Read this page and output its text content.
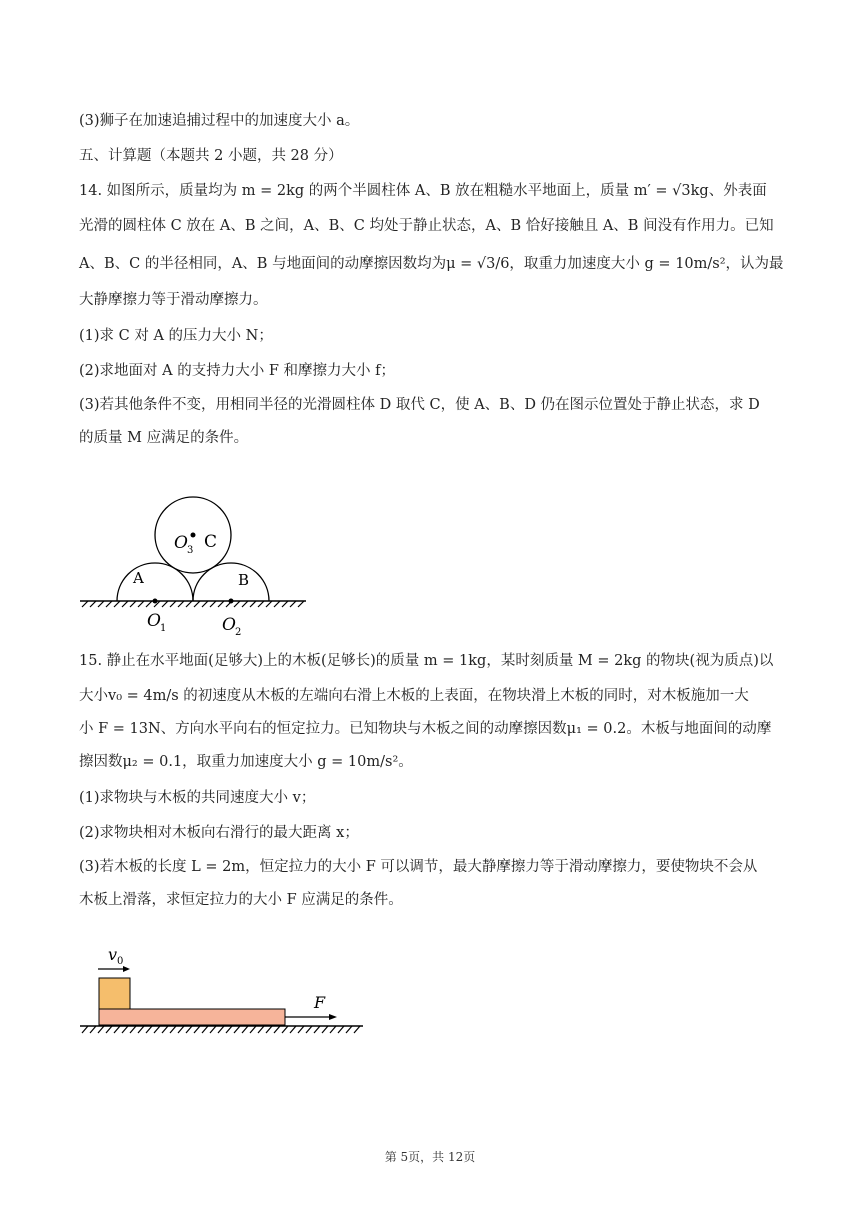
(3)狮子在加速追捕过程中的加速度大小 a。
五、计算题（本题共 2 小题，共 28 分）
14. 如图所示，质量均为 m = 2kg 的两个半圆柱体 A、B 放在粗糙水平地面上，质量 m′ = √3kg、外表面
光滑的圆柱体 C 放在 A、B 之间，A、B、C 均处于静止状态，A、B 恰好接触且 A、B 间没有作用力。已知
A、B、C 的半径相同，A、B 与地面间的动摩擦因数均为μ = √3/6，取重力加速度大小 g = 10m/s²，认为最
大静摩擦力等于滑动摩擦力。
(1)求 C 对 A 的压力大小 N；
(2)求地面对 A 的支持力大小 F 和摩擦力大小 f；
(3)若其他条件不变，用相同半径的光滑圆柱体 D 取代 C，使 A、B、D 仍在图示位置处于静止状态，求 D
的质量 M 应满足的条件。
O 3 C
A	B
O 1	O 2
15. 静止在水平地面(足够大)上的木板(足够长)的质量 m = 1kg，某时刻质量 M = 2kg 的物块(视为质点)以
大小v₀ = 4m/s 的初速度从木板的左端向右滑上木板的上表面，在物块滑上木板的同时，对木板施加一大
小 F = 13N、方向水平向右的恒定拉力。已知物块与木板之间的动摩擦因数μ₁ = 0.2。木板与地面间的动摩
擦因数μ₂ = 0.1，取重力加速度大小 g = 10m/s²。
(1)求物块与木板的共同速度大小 v；
(2)求物块相对木板向右滑行的最大距离 x；
(3)若木板的长度 L = 2m，恒定拉力的大小 F 可以调节，最大静摩擦力等于滑动摩擦力，要使物块不会从
木板上滑落，求恒定拉力的大小 F 应满足的条件。
v 0
F
第 5页，共 12页
